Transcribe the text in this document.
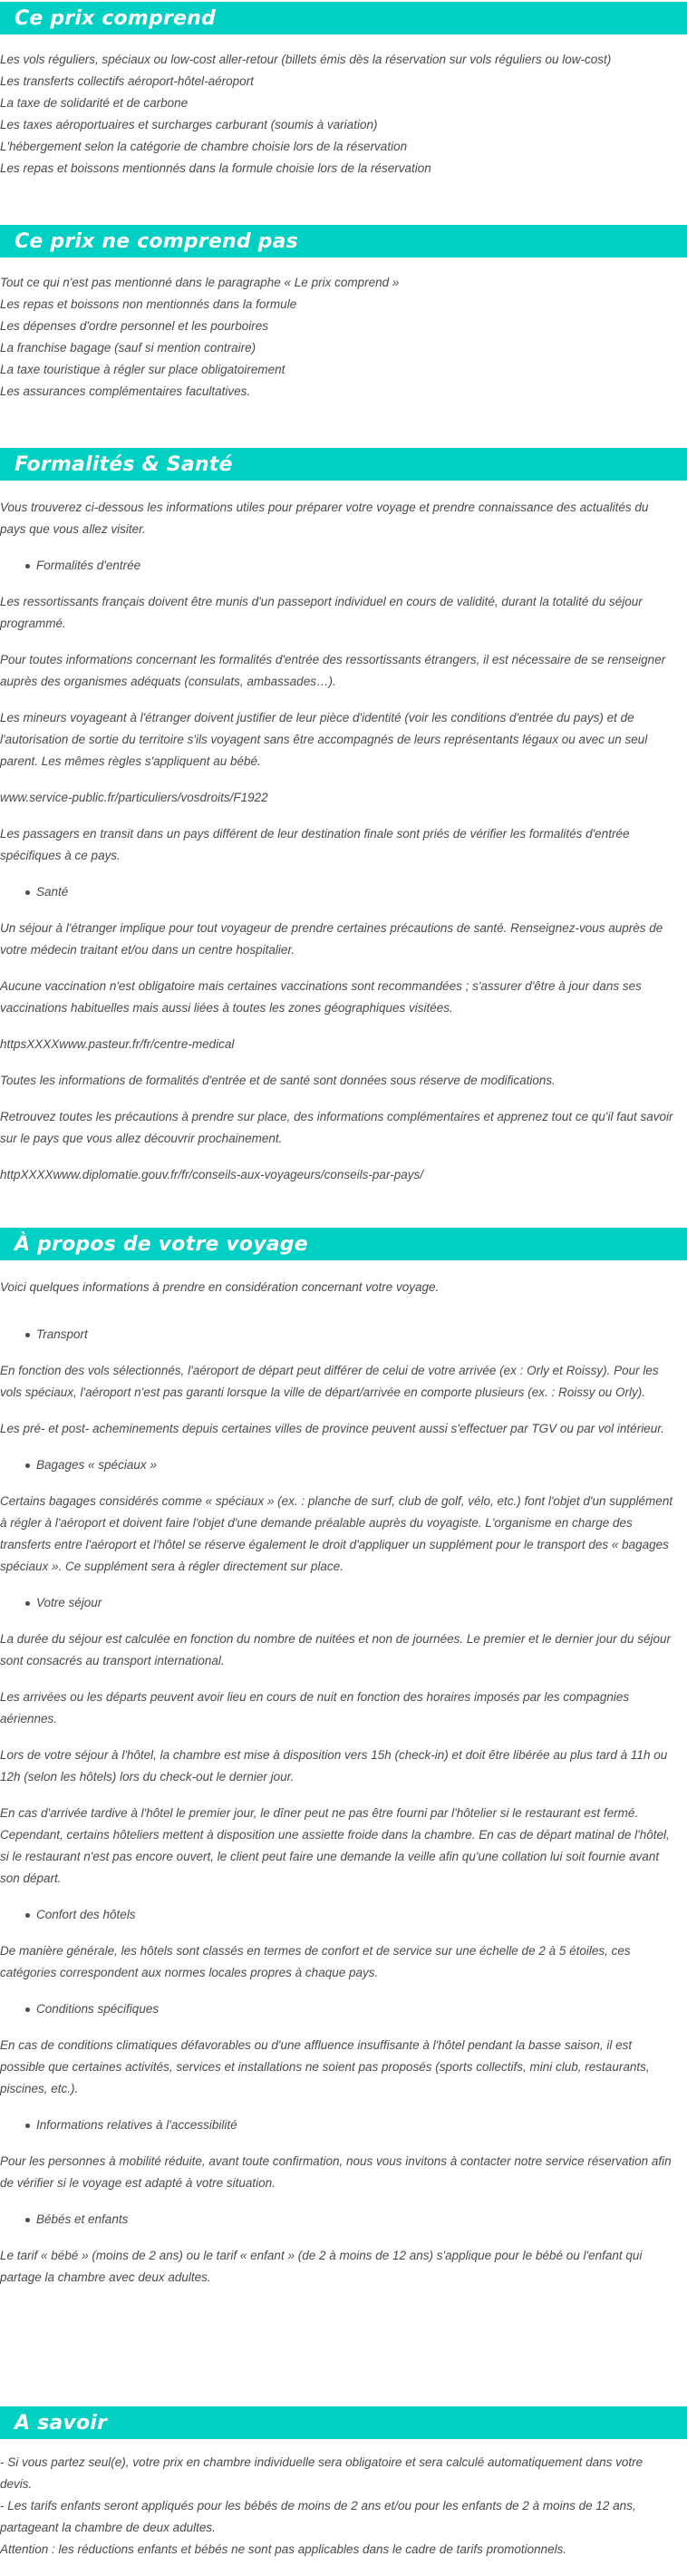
Ce prix comprend
Les vols réguliers, spéciaux ou low-cost aller-retour (billets émis dès la réservation sur vols réguliers ou low-cost)
Les transferts collectifs aéroport-hôtel-aéroport
La taxe de solidarité et de carbone
Les taxes aéroportuaires et surcharges carburant (soumis à variation)
L'hébergement selon la catégorie de chambre choisie lors de la réservation
Les repas et boissons mentionnés dans la formule choisie lors de la réservation
Ce prix ne comprend pas
Tout ce qui n'est pas mentionné dans le paragraphe « Le prix comprend »
Les repas et boissons non mentionnés dans la formule
Les dépenses d'ordre personnel et les pourboires
La franchise bagage (sauf si mention contraire)
La taxe touristique à régler sur place obligatoirement
Les assurances complémentaires facultatives.
Formalités & Santé

Vous trouverez ci-dessous les informations utiles pour préparer votre voyage et prendre connaissance des actualités du pays que vous allez visiter.

Formalités d'entrée

Les ressortissants français doivent être munis d'un passeport individuel en cours de validité, durant la totalité du séjour programmé.

Pour toutes informations concernant les formalités d'entrée des ressortissants étrangers, il est nécessaire de se renseigner auprès des organismes adéquats (consulats, ambassades…).

Les mineurs voyageant à l'étranger doivent justifier de leur pièce d'identité (voir les conditions d'entrée du pays) et de l'autorisation de sortie du territoire s'ils voyagent sans être accompagnés de leurs représentants légaux ou avec un seul parent. Les mêmes règles s'appliquent au bébé.

www.service-public.fr/particuliers/vosdroits/F1922

Les passagers en transit dans un pays différent de leur destination finale sont priés de vérifier les formalités d'entrée spécifiques à ce pays.

Santé

Un séjour à l'étranger implique pour tout voyageur de prendre certaines précautions de santé. Renseignez-vous auprès de votre médecin traitant et/ou dans un centre hospitalier.

Aucune vaccination n'est obligatoire mais certaines vaccinations sont recommandées ; s'assurer d'être à jour dans ses vaccinations habituelles mais aussi liées à toutes les zones géographiques visitées.

httpsXXXXwww.pasteur.fr/fr/centre-medical

Toutes les informations de formalités d'entrée et de santé sont données sous réserve de modifications.

Retrouvez toutes les précautions à prendre sur place, des informations complémentaires et apprenez tout ce qu'il faut savoir sur le pays que vous allez découvrir prochainement.

httpXXXXwww.diplomatie.gouv.fr/fr/conseils-aux-voyageurs/conseils-par-pays/

À propos de votre voyage

Voici quelques informations à prendre en considération concernant votre voyage.

Transport

En fonction des vols sélectionnés, l'aéroport de départ peut différer de celui de votre arrivée (ex : Orly et Roissy). Pour les vols spéciaux, l'aéroport n'est pas garanti lorsque la ville de départ/arrivée en comporte plusieurs (ex. : Roissy ou Orly).

Les pré- et post- acheminements depuis certaines villes de province peuvent aussi s'effectuer par TGV ou par vol intérieur.

Bagages « spéciaux »

Certains bagages considérés comme « spéciaux » (ex. : planche de surf, club de golf, vélo, etc.) font l'objet d'un supplément à régler à l'aéroport et doivent faire l'objet d'une demande préalable auprès du voyagiste. L'organisme en charge des transferts entre l'aéroport et l'hôtel se réserve également le droit d'appliquer un supplément pour le transport des « bagages spéciaux ». Ce supplément sera à régler directement sur place.

Votre séjour

La durée du séjour est calculée en fonction du nombre de nuitées et non de journées. Le premier et le dernier jour du séjour sont consacrés au transport international.

Les arrivées ou les départs peuvent avoir lieu en cours de nuit en fonction des horaires imposés par les compagnies aériennes.

Lors de votre séjour à l'hôtel, la chambre est mise à disposition vers 15h (check-in) et doit être libérée au plus tard à 11h ou 12h (selon les hôtels) lors du check-out le dernier jour.

En cas d'arrivée tardive à l'hôtel le premier jour, le dîner peut ne pas être fourni par l'hôtelier si le restaurant est fermé. Cependant, certains hôteliers mettent à disposition une assiette froide dans la chambre. En cas de départ matinal de l'hôtel, si le restaurant n'est pas encore ouvert, le client peut faire une demande la veille afin qu'une collation lui soit fournie avant son départ.

Confort des hôtels

De manière générale, les hôtels sont classés en termes de confort et de service sur une échelle de 2 à 5 étoiles, ces catégories correspondent aux normes locales propres à chaque pays.

Conditions spécifiques

En cas de conditions climatiques défavorables ou d'une affluence insuffisante à l'hôtel pendant la basse saison, il est possible que certaines activités, services et installations ne soient pas proposés (sports collectifs, mini club, restaurants, piscines, etc.).

Informations relatives à l'accessibilité

Pour les personnes à mobilité réduite, avant toute confirmation, nous vous invitons à contacter notre service réservation afin de vérifier si le voyage est adapté à votre situation.

Bébés et enfants

Le tarif « bébé » (moins de 2 ans) ou le tarif « enfant » (de 2 à moins de 12 ans) s'applique pour le bébé ou l'enfant qui partage la chambre avec deux adultes.

A savoir

- Si vous partez seul(e), votre prix en chambre individuelle sera obligatoire et sera calculé automatiquement dans votre devis.

- Les tarifs enfants seront appliqués pour les bébés de moins de 2 ans et/ou pour les enfants de 2 à moins de 12 ans, partageant la chambre de deux adultes.

Attention : les réductions enfants et bébés ne sont pas applicables dans le cadre de tarifs promotionnels.
